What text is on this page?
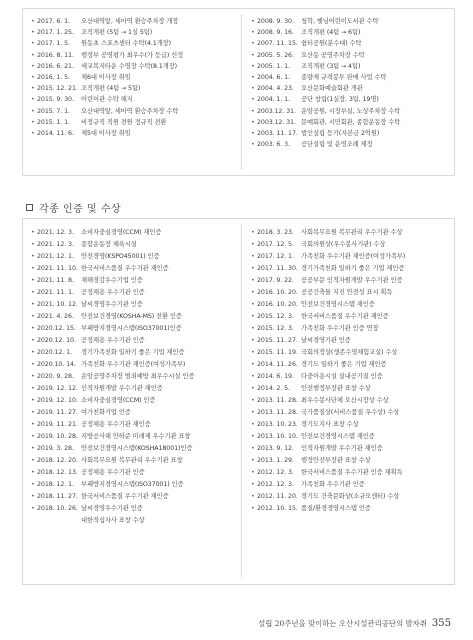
• 2017. 6. 1.	오산대역앞, 세마역 환승주차장 개장
• 2017. 1. 25.	조직개편 (5팀 → 1실 5팀)
• 2017. 1. 5.	원동초 스포츠센터 수탁(4.1개장)
• 2016. 8. 11.	행정부 공영평가 최우수(가 등급) 선정
• 2016. 6. 21.	세교복지타운 수영장 수탁(8.1개장)
• 2016. 1. 5.	제6대 이사장 취임
• 2015. 12. 21. 조직개편 (4팀 → 5팀)
• 2015. 9. 30.	어린이관 수탁 해지
• 2015. 7. 1.	오산대역앞, 세마역 환승주차장 수탁
• 2015. 1. 1.	비정규직 직원 전원 정규직 전환
• 2014. 11. 6.	제5대 이사장 취임
• 2008. 9. 30.	청학, 햇님어린이도서관 수탁
• 2008. 9. 16.	조직개편 (4팀 → 6팀)
• 2007. 11. 15. 쉼터공원(분수대) 수탁
• 2005. 5. 26.	오산동 공영주차장 수탁
• 2005. 1. 1.	조직개편 (3팀 → 4팀)
• 2004. 6. 1.	종량제 규격봉투 판매 사업 수탁
• 2004. 4. 23.	오산문화예술회관 개관
• 2004. 1. 1.	공단 창립(1실장, 3팀, 19명)
• 2003.12. 31. 운암공원, 시장부설, 노상주차장 수탁
• 2003.12. 31. 문예회관, 시민회관, 종합운동장 수탁
• 2003. 11. 17. 법인설립 등기(자본금 2억원)
• 2003. 6. 3.	공단설립 및 운영조례 제정
각종 인증 및 수상
• 2021. 12. 3.	소비자중심경영(CCM) 재인증
• 2021. 12. 3.	종합운동장 체육시설
• 2021. 12. 1.	안전경영(KSPO45001) 인증
• 2021. 11. 10. 한국서비스품질 우수기관 재인증
• 2021. 11. 8.	재해경감우수기업 인증
• 2021. 11. 1.	공정채용 우수기관 인증
• 2021. 10. 12. 날씨경영우수기관 인증
• 2021. 4. 26.	안전보건경영(KOSHA-MS) 전환 인증
• 2020.12. 15. 부패방지경영시스템(ISO37001)인증
• 2020.12. 10. 공정채용 우수기관 인증
• 2020.12. 1.	경기가족친화 일하기 좋은 기업 재인증
• 2020.10. 14. 가족친화 우수기관 재인증(여성가족부)
• 2020. 9. 28.	운암공영주차장 범죄예방 최우수시설 인증
• 2019. 12. 12. 인적자원개발 우수기관 재인증
• 2019. 12. 10. 소비자중심경영(CCM) 인증
• 2019. 11. 27. 여가친화기업 인증
• 2019. 11. 21. 공정채용 우수기관 재인증
• 2019. 10. 28. 지방공사채 안하준 미래재 우수기관 표창
• 2019. 3. 28.	안전보건경영시스템(KOSHA18001)인증
• 2018. 12. 20. 사회복무요원 복무관리 우수기관 표창
• 2018. 12. 13. 공정채용 우수기관 인증
• 2018. 12. 1.	부패방지경영시스템(ISO37001) 인증
• 2018. 11. 27. 한국서비스품질 우수기관 재인증
• 2018. 10. 26. 날씨경영우수기관 인증
대한적십자사 표창 수상
• 2018. 3. 23.	사회복무요원 복무관리 우수기관 수상
• 2017. 12. 5.	국회의원상(우수봉사기관) 수상
• 2017. 12. 1.	가족친화 우수기관 재인증(여성가족부)
• 2017. 11. 30. 경기가족친화 일하기 좋은 기업 재인증
• 2017. 9. 22.	공공부문 인적자원개발 우수기관 인증
• 2016. 10. 20. 공공건축물 지진 안전성 표시 획득
• 2016. 10. 20. 안전보건경영시스템 재인증
• 2015. 12. 3.	한국서비스품질 우수기관 재인증
• 2015. 12. 3.	가족친화 우수기관 인증 연장
• 2015. 11. 27. 날씨경영기관 인증
• 2015. 11. 19. 국회의정상(생존수영체험교실) 수상
• 2014. 11. 26. 경기도 일하기 좋은 기업 재인증
• 2014. 6. 19.	다중이용시설 실내공기질 인증
• 2014. 2. 5.	안전행정부장관 표창 수상
• 2013. 11. 28. 최우수봉사단체 오산시장상 수상
• 2013. 11. 28. 국가품질상(서비스품질 우수상) 수상
• 2013. 10. 23. 경기도지사 표창 수상
• 2013. 10. 10. 안전보건경영시스템 재인증
• 2013. 9. 12.	인적자원개발 우수기관 재인증
• 2013. 1. 29.	행정안전부장관 표창 수상
• 2012. 12. 3.	한국서비스품질 우수기관 인증 재획득
• 2012. 12. 3.	가족친화 우수기관 인증
• 2012. 11. 20. 경기도 건축문화상(소규모센터) 수상
• 2012. 10. 15. 품질/환경경영시스템 인증
설립 20주년을 맞이하는 오산시설관리공단의 발자취 355
